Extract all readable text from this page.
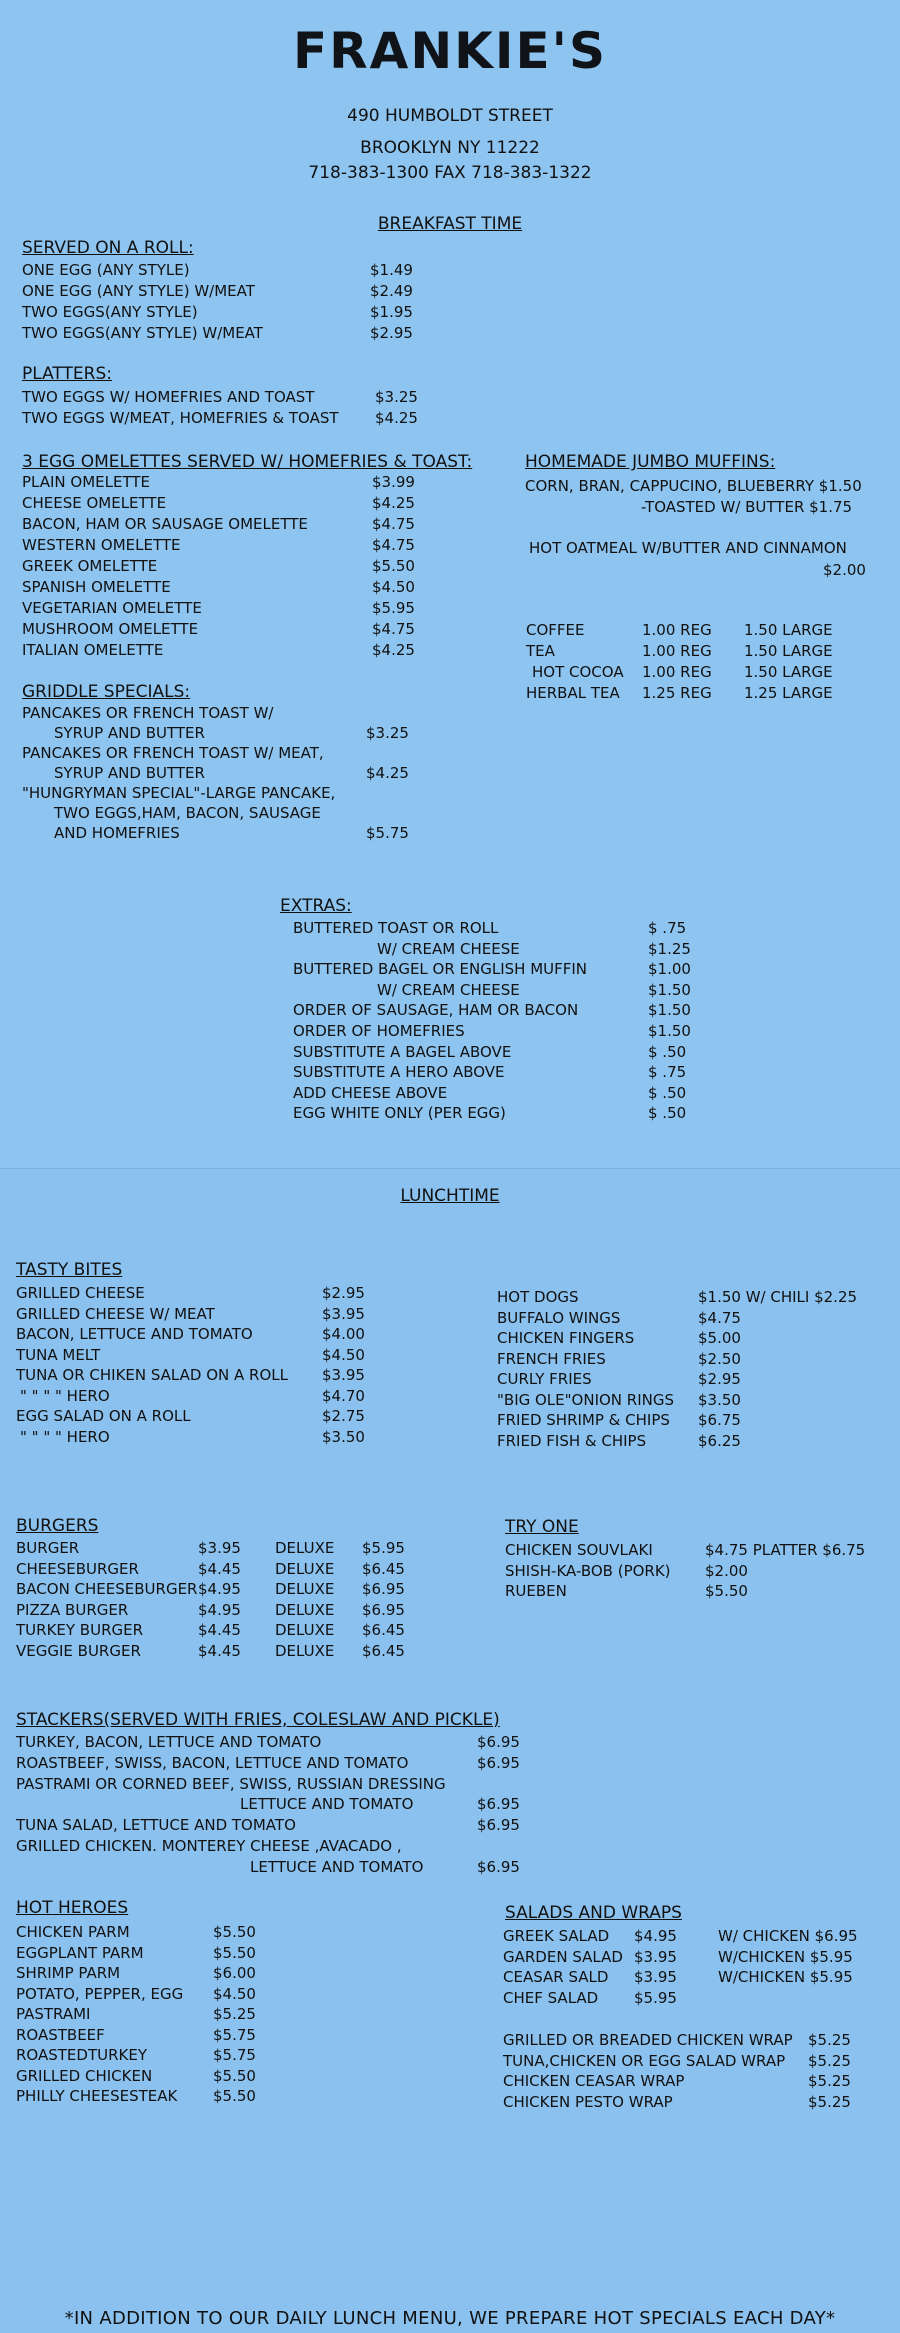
FRANKIE'S
490 HUMBOLDT STREET
BROOKLYN NY 11222
718-383-1300 FAX 718-383-1322
BREAKFAST TIME
SERVED ON A ROLL:
ONE EGG (ANY STYLE)	$1.49
ONE EGG (ANY STYLE) W/MEAT	$2.49
TWO EGGS(ANY STYLE)	$1.95
TWO EGGS(ANY STYLE) W/MEAT	$2.95
PLATTERS:
TWO EGGS W/ HOMEFRIES AND TOAST	$3.25
TWO EGGS W/MEAT, HOMEFRIES & TOAST $4.25
3 EGG OMELETTES SERVED W/ HOMEFRIES & TOAST:
PLAIN OMELETTE	$3.99
CHEESE OMELETTE	$4.25
BACON, HAM OR SAUSAGE OMELETTE	$4.75
WESTERN OMELETTE	$4.75
GREEK OMELETTE	$5.50
SPANISH OMELETTE	$4.50
VEGETARIAN OMELETTE	$5.95
MUSHROOM OMELETTE	$4.75
ITALIAN OMELETTE	$4.25
GRIDDLE SPECIALS:
PANCAKES OR FRENCH TOAST W/
SYRUP AND BUTTER	$3.25
PANCAKES OR FRENCH TOAST W/ MEAT,
SYRUP AND BUTTER	$4.25
"HUNGRYMAN SPECIAL"-LARGE PANCAKE,
TWO EGGS,HAM, BACON, SAUSAGE
AND HOMEFRIES	$5.75
HOMEMADE JUMBO MUFFINS:
CORN, BRAN, CAPPUCINO, BLUEBERRY $1.50
-TOASTED W/ BUTTER $1.75
HOT OATMEAL W/BUTTER AND CINNAMON
$2.00
COFFEE	1.00 REG 1.50 LARGE
TEA	1.00 REG 1.50 LARGE
HOT COCOA 1.00 REG 1.50 LARGE
HERBAL TEA 1.25 REG 1.25 LARGE
EXTRAS:
BUTTERED TOAST OR ROLL	$ .75
W/ CREAM CHEESE	$1.25
BUTTERED BAGEL OR ENGLISH MUFFIN	$1.00
W/ CREAM CHEESE	$1.50
ORDER OF SAUSAGE, HAM OR BACON	$1.50
ORDER OF HOMEFRIES	$1.50
SUBSTITUTE A BAGEL ABOVE	$ .50
SUBSTITUTE A HERO ABOVE	$ .75
ADD CHEESE ABOVE	$ .50
EGG WHITE ONLY (PER EGG)	$ .50
LUNCHTIME
TASTY BITES
GRILLED CHEESE	$2.95
GRILLED CHEESE W/ MEAT	$3.95
BACON, LETTUCE AND TOMATO	$4.00
TUNA MELT	$4.50
TUNA OR CHIKEN SALAD ON A ROLL $3.95
" " " " HERO	$4.70
EGG SALAD ON A ROLL	$2.75
" " " " HERO	$3.50
HOT DOGS	$1.50 W/ CHILI $2.25
BUFFALO WINGS	$4.75
CHICKEN FINGERS	$5.00
FRENCH FRIES	$2.50
CURLY FRIES	$2.95
"BIG OLE"ONION RINGS $3.50
FRIED SHRIMP & CHIPS $6.75
FRIED FISH & CHIPS	$6.25
BURGERS
BURGER	$3.95 DELUXE $5.95
CHEESEBURGER	$4.45 DELUXE $6.45
BACON CHEESEBURGER $4.95 DELUXE $6.95
PIZZA BURGER	$4.95 DELUXE $6.95
TURKEY BURGER	$4.45 DELUXE $6.45
VEGGIE BURGER	$4.45 DELUXE $6.45
TRY ONE
CHICKEN SOUVLAKI	$4.75 PLATTER $6.75
SHISH-KA-BOB (PORK) $2.00
RUEBEN	$5.50
STACKERS(SERVED WITH FRIES, COLESLAW AND PICKLE)
TURKEY, BACON, LETTUCE AND TOMATO	$6.95
ROASTBEEF, SWISS, BACON, LETTUCE AND TOMATO	$6.95
PASTRAMI OR CORNED BEEF, SWISS, RUSSIAN DRESSING
LETTUCE AND TOMATO	$6.95
TUNA SALAD, LETTUCE AND TOMATO	$6.95
GRILLED CHICKEN. MONTEREY CHEESE ,AVACADO ,
LETTUCE AND TOMATO	$6.95
HOT HEROES
CHICKEN PARM	$5.50
EGGPLANT PARM	$5.50
SHRIMP PARM	$6.00
POTATO, PEPPER, EGG $4.50
PASTRAMI	$5.25
ROASTBEEF	$5.75
ROASTEDTURKEY	$5.75
GRILLED CHICKEN	$5.50
PHILLY CHEESESTEAK $5.50
SALADS AND WRAPS
GREEK SALAD $4.95	W/ CHICKEN $6.95
GARDEN SALAD $3.95	W/CHICKEN $5.95
CEASAR SALD $3.95	W/CHICKEN $5.95
CHEF SALAD $5.95
GRILLED OR BREADED CHICKEN WRAP $5.25
TUNA,CHICKEN OR EGG SALAD WRAP $5.25
CHICKEN CEASAR WRAP	$5.25
CHICKEN PESTO WRAP	$5.25
*IN ADDITION TO OUR DAILY LUNCH MENU, WE PREPARE HOT SPECIALS EACH DAY*
